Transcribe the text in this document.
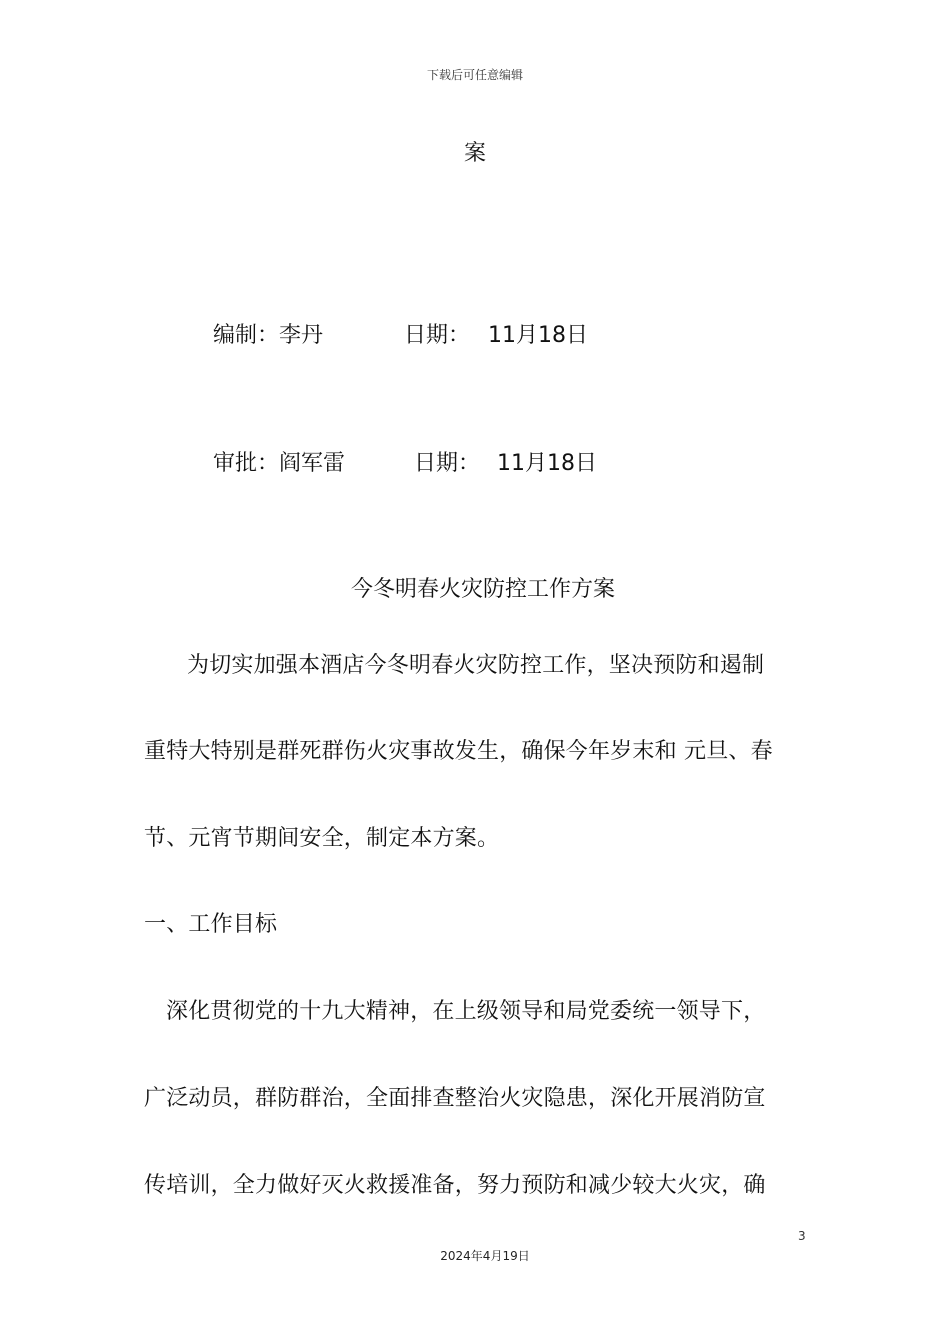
下载后可任意编辑
案
编制：李丹	日期： 11月18日
审批：阎军雷	日期： 11月18日
今冬明春火灾防控工作方案
为切实加强本酒店今冬明春火灾防控工作，坚决预防和遏制
重特大特别是群死群伤火灾事故发生，确保今年岁末和 元旦、春
节、元宵节期间安全，制定本方案。
一、工作目标
深化贯彻党的十九大精神，在上级领导和局党委统一领导下，
广泛动员，群防群治，全面排查整治火灾隐患，深化开展消防宣
传培训，全力做好灭火救援准备，努力预防和减少较大火灾，确
3
2024年4月19日
